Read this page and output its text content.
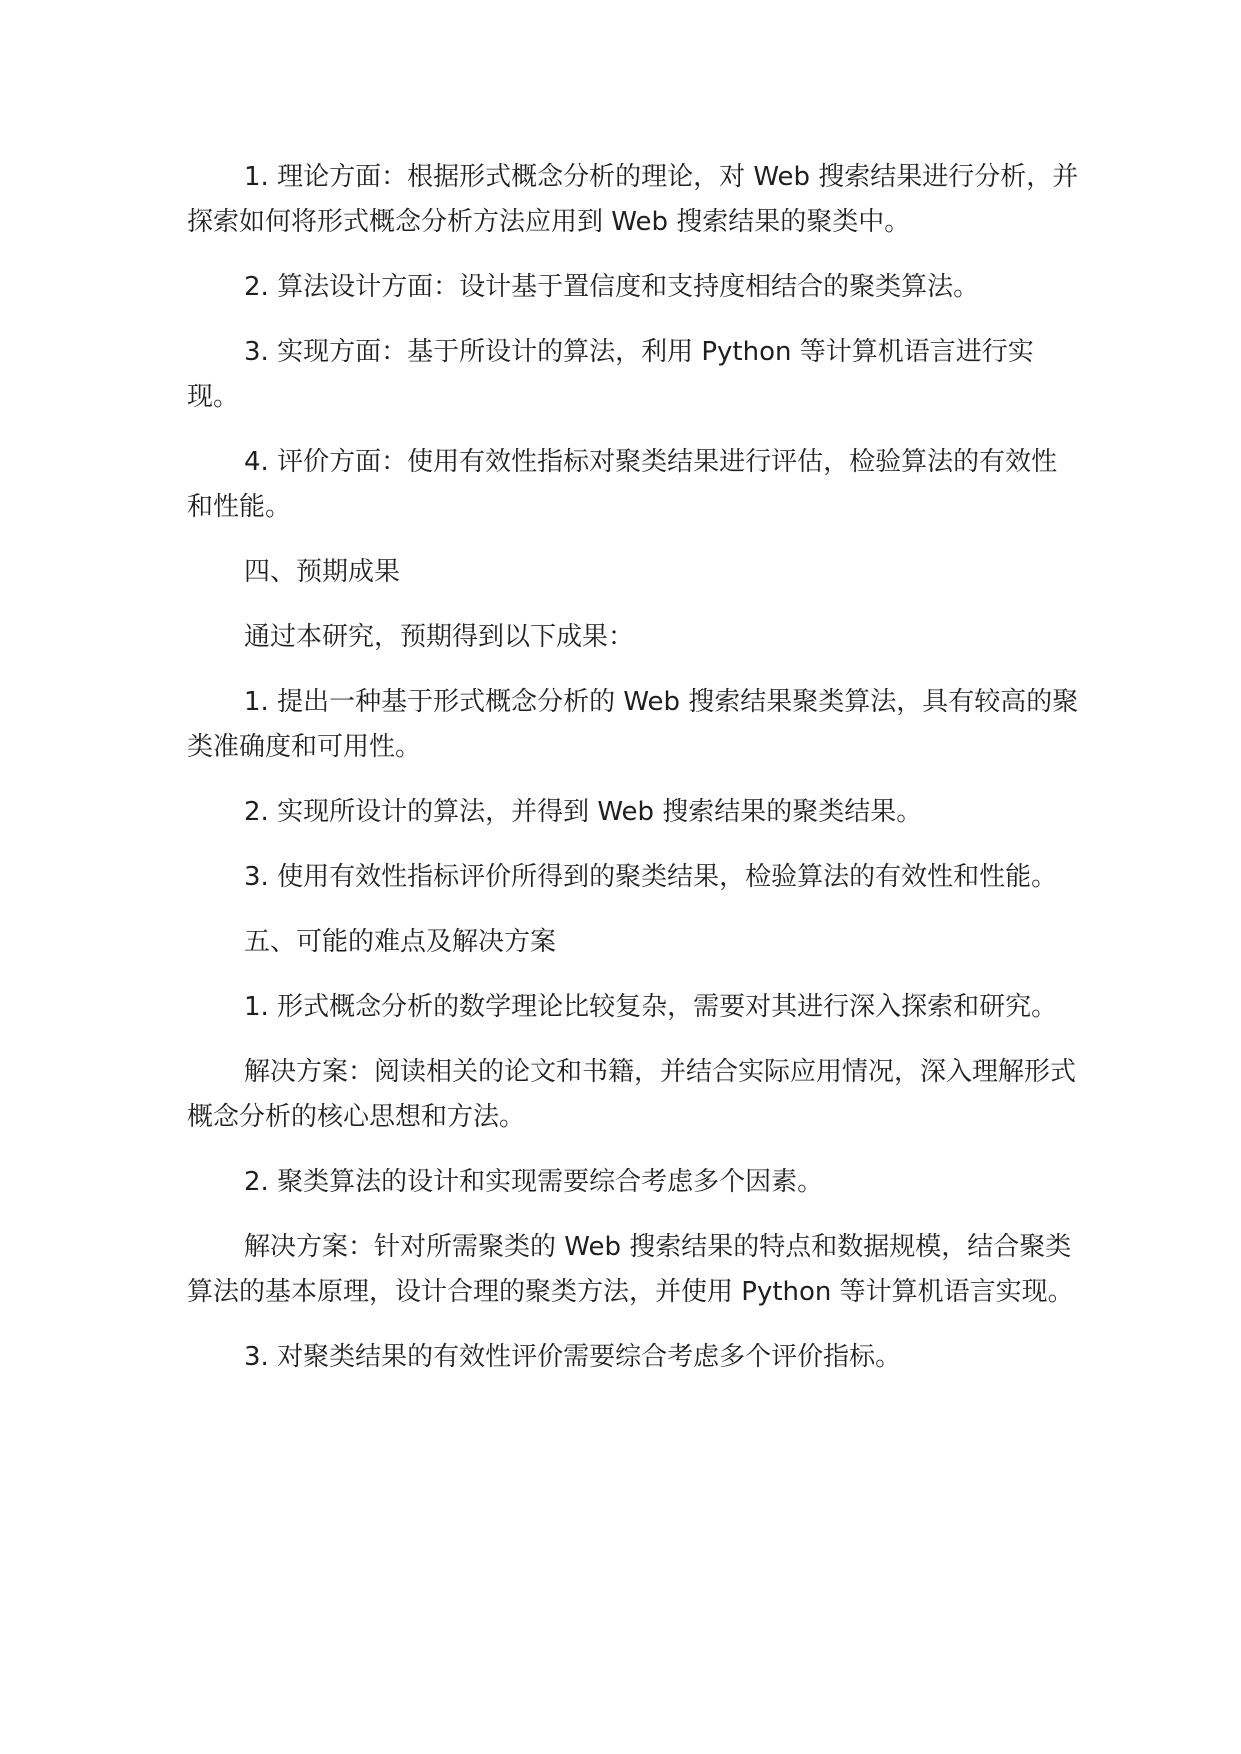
1. 理论方面：根据形式概念分析的理论，对 Web 搜索结果进行分析，并探索如何将形式概念分析方法应用到 Web 搜索结果的聚类中。

2. 算法设计方面：设计基于置信度和支持度相结合的聚类算法。

3. 实现方面：基于所设计的算法，利用 Python 等计算机语言进行实现。

4. 评价方面：使用有效性指标对聚类结果进行评估，检验算法的有效性和性能。

四、预期成果

通过本研究，预期得到以下成果：

1. 提出一种基于形式概念分析的 Web 搜索结果聚类算法，具有较高的聚类准确度和可用性。

2. 实现所设计的算法，并得到 Web 搜索结果的聚类结果。

3. 使用有效性指标评价所得到的聚类结果，检验算法的有效性和性能。

五、可能的难点及解决方案

1. 形式概念分析的数学理论比较复杂，需要对其进行深入探索和研究。

解决方案：阅读相关的论文和书籍，并结合实际应用情况，深入理解形式概念分析的核心思想和方法。

2. 聚类算法的设计和实现需要综合考虑多个因素。

解决方案：针对所需聚类的 Web 搜索结果的特点和数据规模，结合聚类算法的基本原理，设计合理的聚类方法，并使用 Python 等计算机语言实现。

3. 对聚类结果的有效性评价需要综合考虑多个评价指标。
